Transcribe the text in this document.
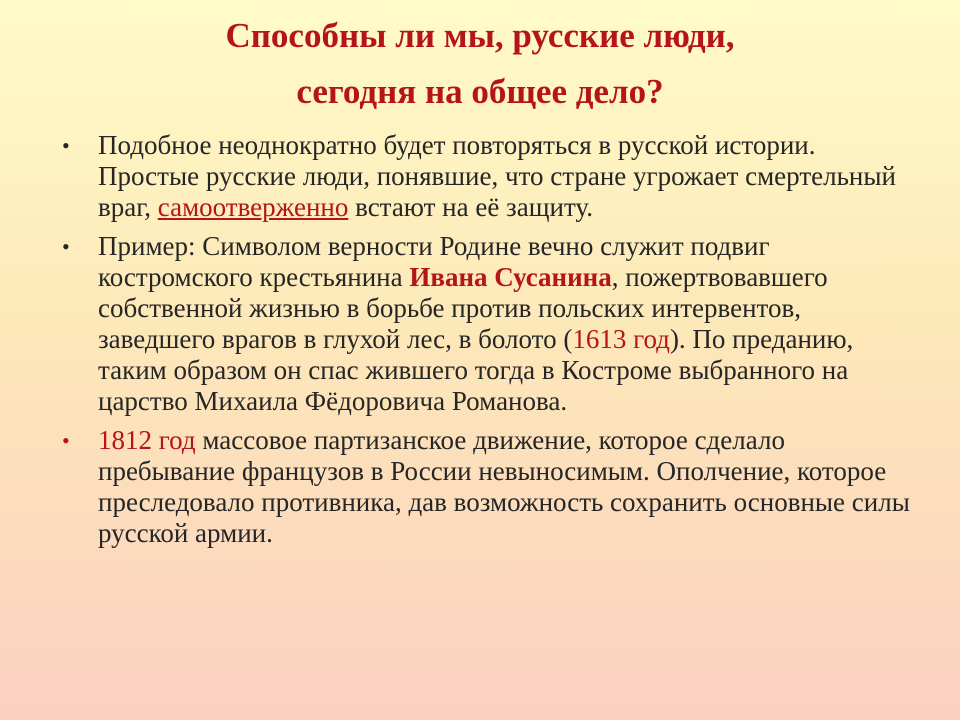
Способны ли мы, русские люди,
сегодня на общее дело?
• Подобное неоднократно будет повторяться в русской истории. Простые русские люди, понявшие, что стране угрожает смертельный враг, самоотверженно встают на её защиту.
• Пример: Символом верности Родине вечно служит подвиг костромского крестьянина Ивана Сусанина, пожертвовавшего собственной жизнью в борьбе против польских интервентов, заведшего врагов в глухой лес, в болото (1613 год). По преданию, таким образом он спас жившего тогда в Костроме выбранного на царство Михаила Фёдоровича Романова.
• 1812 год массовое партизанское движение, которое сделало пребывание французов в России невыносимым. Ополчение, которое преследовало противника, дав возможность сохранить основные силы русской армии.
